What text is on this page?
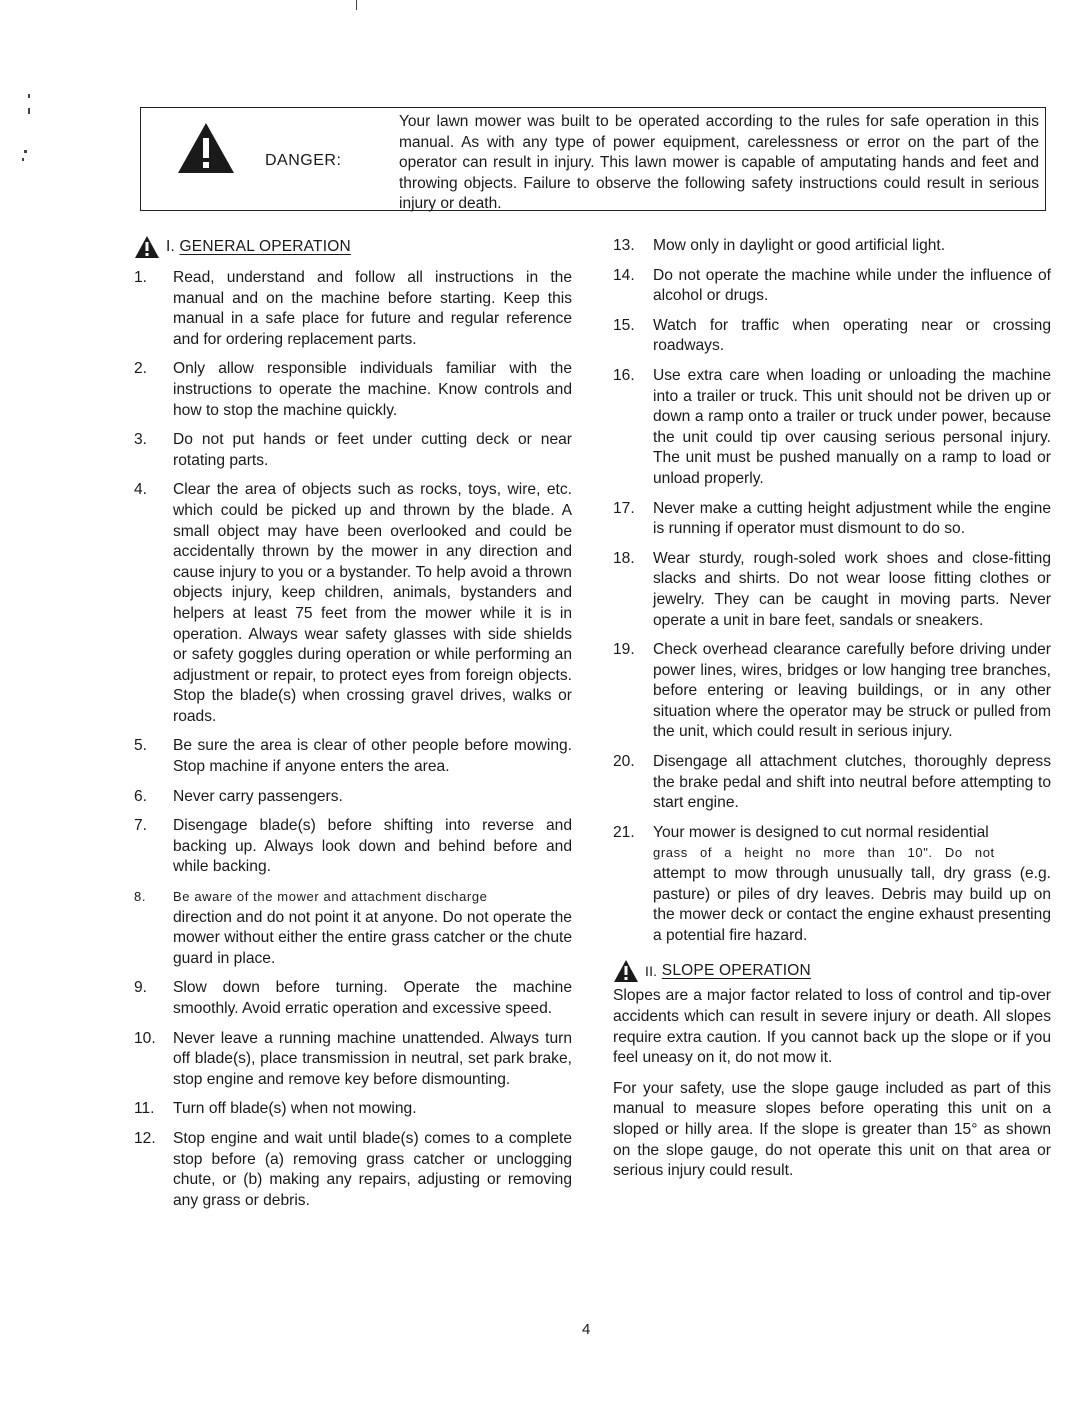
DANGER:
Your lawn mower was built to be operated according to the rules for safe operation in this manual. As with any type of power equipment, carelessness or error on the part of the operator can result in injury. This lawn mower is capable of amputating hands and feet and throwing objects. Failure to observe the following safety instructions could result in serious injury or death.
I.
GENERAL OPERATION
1.	Read, understand and follow all instructions in the manual and on the machine before starting. Keep this manual in a safe place for future and regular reference and for ordering replacement parts.
2.	Only allow responsible individuals familiar with the instructions to operate the machine. Know controls and how to stop the machine quickly.
3.	Do not put hands or feet under cutting deck or near rotating parts.
4.	Clear the area of objects such as rocks, toys, wire, etc. which could be picked up and thrown by the blade. A small object may have been overlooked and could be accidentally thrown by the mower in any direction and cause injury to you or a bystander. To help avoid a thrown objects injury, keep children, animals, bystanders and helpers at least 75 feet from the mower while it is in operation. Always wear safety glasses with side shields or safety goggles during operation or while performing an adjustment or repair, to protect eyes from foreign objects. Stop the blade(s) when crossing gravel drives, walks or roads.
5.	Be sure the area is clear of other people before mowing. Stop machine if anyone enters the area.
6.	Never carry passengers.
7.	Disengage blade(s) before shifting into reverse and backing up. Always look down and behind before and while backing.
8.	Be aware of the mower and attachment discharge
direction and do not point it at anyone. Do not operate the mower without either the entire grass catcher or the chute guard in place.
9.	Slow down before turning. Operate the machine smoothly. Avoid erratic operation and excessive speed.
10.	Never leave a running machine unattended. Always turn off blade(s), place transmission in neutral, set park brake, stop engine and remove key before dismounting.
11.	Turn off blade(s) when not mowing.
12.	Stop engine and wait until blade(s) comes to a complete stop before (a) removing grass catcher or unclogging chute, or (b) making any repairs, adjusting or removing any grass or debris.
13.	Mow only in daylight or good artificial light.
14.	Do not operate the machine while under the influence of alcohol or drugs.
15.	Watch for traffic when operating near or crossing roadways.
16.	Use extra care when loading or unloading the machine into a trailer or truck. This unit should not be driven up or down a ramp onto a trailer or truck under power, because the unit could tip over causing serious personal injury. The unit must be pushed manually on a ramp to load or unload properly.
17.	Never make a cutting height adjustment while the engine is running if operator must dismount to do so.
18.	Wear sturdy, rough-soled work shoes and close-fitting slacks and shirts. Do not wear loose fitting clothes or jewelry. They can be caught in moving parts. Never operate a unit in bare feet, sandals or sneakers.
19.	Check overhead clearance carefully before driving under power lines, wires, bridges or low hanging tree branches, before entering or leaving buildings, or in any other situation where the operator may be struck or pulled from the unit, which could result in serious injury.
20.	Disengage all attachment clutches, thoroughly depress the brake pedal and shift into neutral before attempting to start engine.
21.	Your mower is designed to cut normal residential
grass of a height no more than 10". Do not
attempt to mow through unusually tall, dry grass (e.g. pasture) or piles of dry leaves. Debris may build up on the mower deck or contact the engine exhaust presenting a potential fire hazard.
II.
SLOPE OPERATION

Slopes are a major factor related to loss of control and tip-over accidents which can result in severe injury or death. All slopes require extra caution. If you cannot back up the slope or if you feel uneasy on it, do not mow it.

For your safety, use the slope gauge included as part of this manual to measure slopes before operating this unit on a sloped or hilly area. If the slope is greater than 15° as shown on the slope gauge, do not operate this unit on that area or serious injury could result.

4
